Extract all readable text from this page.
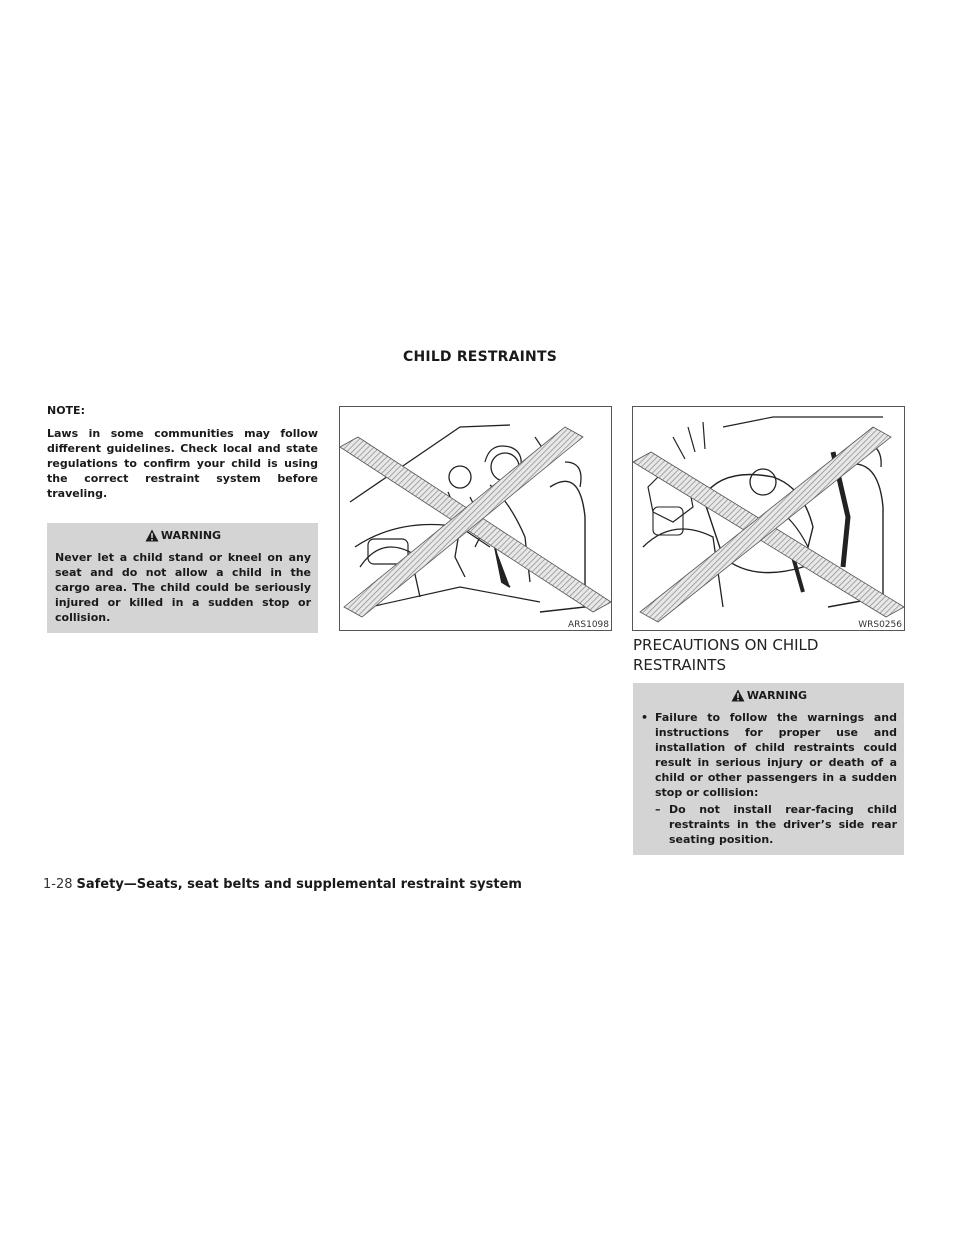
CHILD RESTRAINTS
NOTE:
Laws in some communities may follow different guidelines. Check local and state regulations to confirm your child is using the correct restraint system before traveling.
WARNING
Never let a child stand or kneel on any seat and do not allow a child in the cargo area. The child could be seriously injured or killed in a sudden stop or collision.
ARS1098	WRS0256
PRECAUTIONS ON CHILD RESTRAINTS
WARNING
• Failure to follow the warnings and instructions for proper use and installation of child restraints could result in serious injury or death of a child or other passengers in a sudden stop or collision:
– Do not install rear-facing child restraints in the driver’s side rear seating position.
1-28 Safety—Seats, seat belts and supplemental restraint system
